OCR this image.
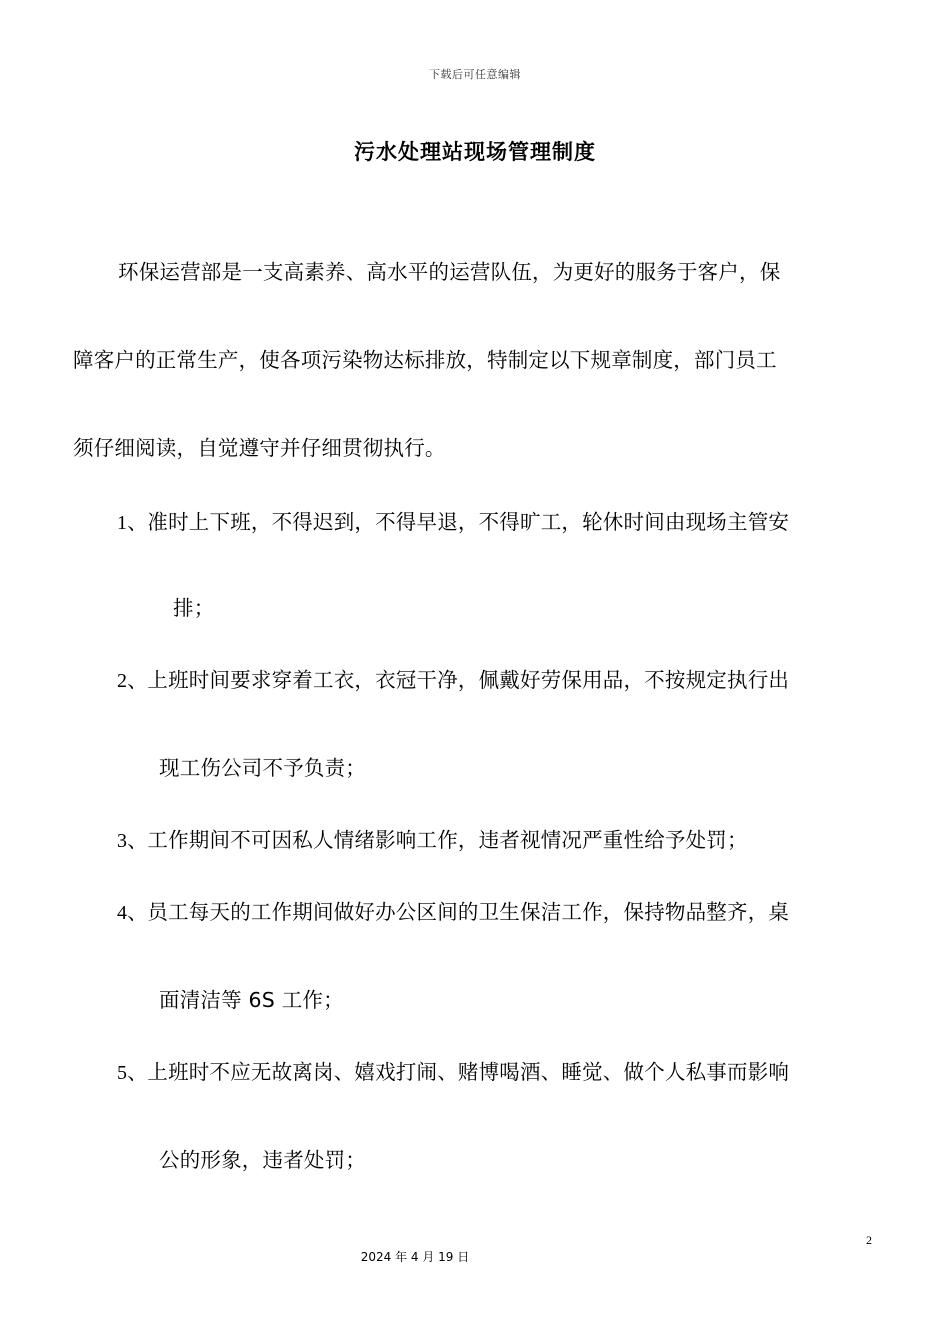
下载后可任意编辑
污水处理站现场管理制度
环保运营部是一支高素养、高水平的运营队伍，为更好的服务于客户，保
障客户的正常生产，使各项污染物达标排放，特制定以下规章制度，部门员工
须仔细阅读，自觉遵守并仔细贯彻执行。
1、准时上下班，不得迟到，不得早退，不得旷工，轮休时间由现场主管安
排；
2、上班时间要求穿着工衣，衣冠干净，佩戴好劳保用品，不按规定执行出
现工伤公司不予负责；
3、工作期间不可因私人情绪影响工作，违者视情况严重性给予处罚；
4、员工每天的工作期间做好办公区间的卫生保洁工作，保持物品整齐，桌
面清洁等 6S 工作；
5、上班时不应无故离岗、嬉戏打闹、赌博喝酒、睡觉、做个人私事而影响
公的形象，违者处罚；
2
2024 年 4 月 19 日
